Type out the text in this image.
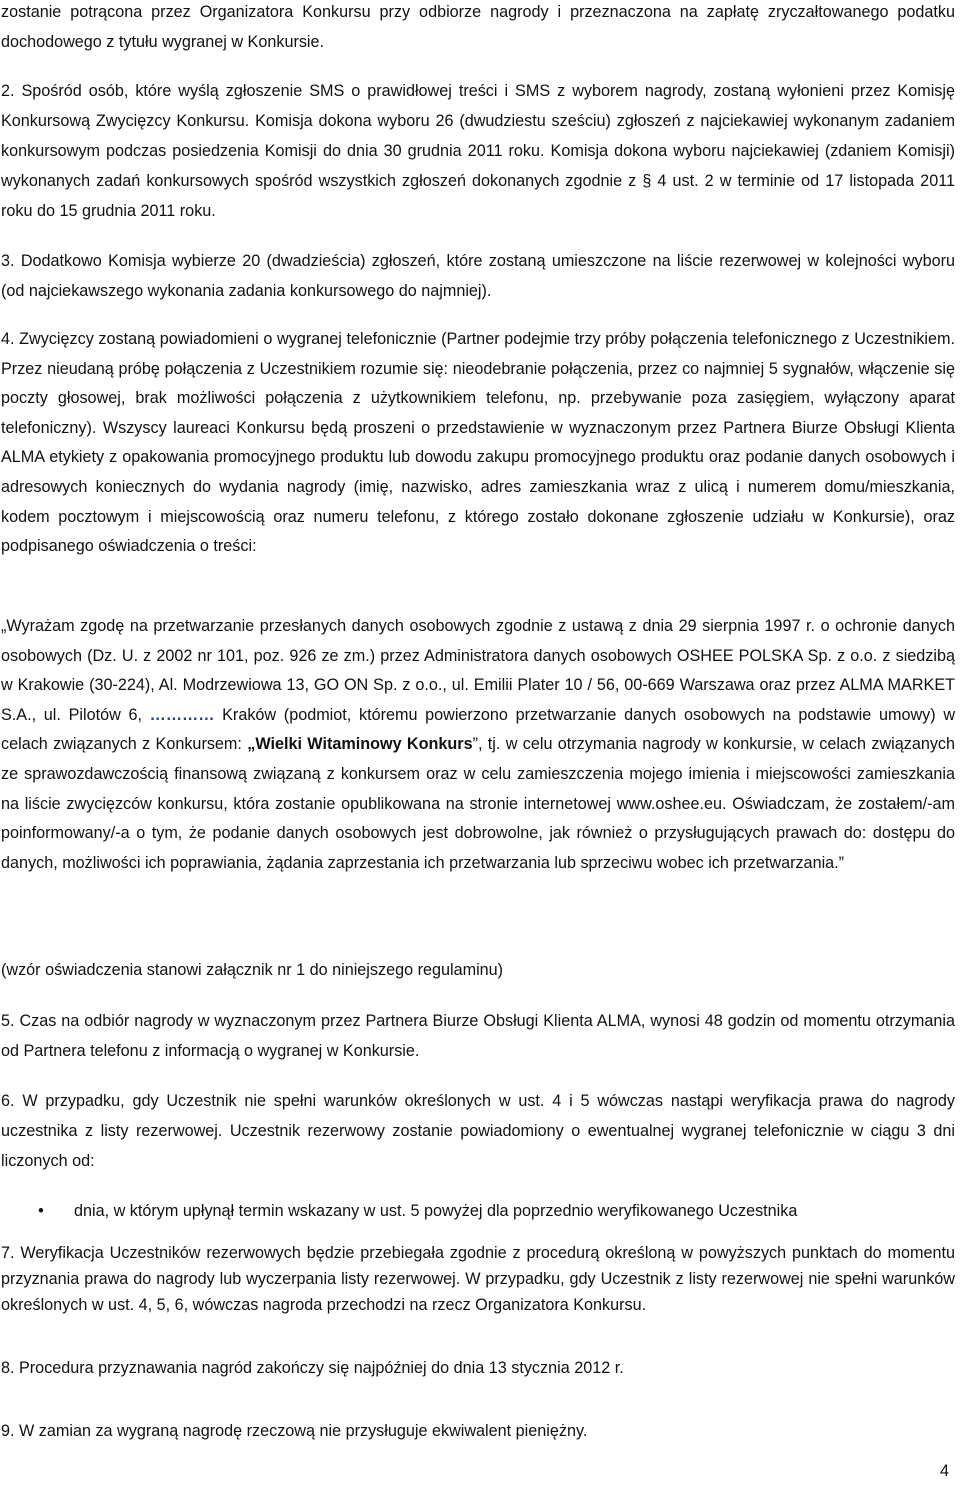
zostanie potrącona przez Organizatora Konkursu przy odbiorze nagrody i przeznaczona na zapłatę zryczałtowanego podatku dochodowego z tytułu wygranej w Konkursie.

2. Spośród osób, które wyślą zgłoszenie SMS o prawidłowej treści i SMS z wyborem nagrody, zostaną wyłonieni przez Komisję Konkursową Zwycięzcy Konkursu. Komisja dokona wyboru 26 (dwudziestu sześciu) zgłoszeń z najciekawiej wykonanym zadaniem konkursowym podczas posiedzenia Komisji do dnia 30 grudnia 2011 roku. Komisja dokona wyboru najciekawiej (zdaniem Komisji) wykonanych zadań konkursowych spośród wszystkich zgłoszeń dokonanych zgodnie z § 4 ust. 2 w terminie od 17 listopada 2011 roku do 15 grudnia 2011 roku.

3. Dodatkowo Komisja wybierze 20 (dwadzieścia) zgłoszeń, które zostaną umieszczone na liście rezerwowej w kolejności wyboru (od najciekawszego wykonania zadania konkursowego do najmniej).

4. Zwycięzcy zostaną powiadomieni o wygranej telefonicznie (Partner podejmie trzy próby połączenia telefonicznego z Uczestnikiem. Przez nieudaną próbę połączenia z Uczestnikiem rozumie się: nieodebranie połączenia, przez co najmniej 5 sygnałów, włączenie się poczty głosowej, brak możliwości połączenia z użytkownikiem telefonu, np. przebywanie poza zasięgiem, wyłączony aparat telefoniczny). Wszyscy laureaci Konkursu będą proszeni o przedstawienie w wyznaczonym przez Partnera Biurze Obsługi Klienta ALMA etykiety z opakowania promocyjnego produktu lub dowodu zakupu promocyjnego produktu oraz podanie danych osobowych i adresowych koniecznych do wydania nagrody (imię, nazwisko, adres zamieszkania wraz z ulicą i numerem domu/mieszkania, kodem pocztowym i miejscowością oraz numeru telefonu, z którego zostało dokonane zgłoszenie udziału w Konkursie), oraz podpisanego oświadczenia o treści:

„Wyrażam zgodę na przetwarzanie przesłanych danych osobowych zgodnie z ustawą z dnia 29 sierpnia 1997 r. o ochronie danych osobowych (Dz. U. z 2002 nr 101, poz. 926 ze zm.) przez Administratora danych osobowych OSHEE POLSKA Sp. z o.o. z siedzibą w Krakowie (30-224), Al. Modrzewiowa 13, GO ON Sp. z o.o., ul. Emilii Plater 10 / 56, 00-669 Warszawa oraz przez ALMA MARKET S.A., ul. Pilotów 6, ………… Kraków (podmiot, któremu powierzono przetwarzanie danych osobowych na podstawie umowy) w celach związanych z Konkursem: „Wielki Witaminowy Konkurs”, tj. w celu otrzymania nagrody w konkursie, w celach związanych ze sprawozdawczością finansową związaną z konkursem oraz w celu zamieszczenia mojego imienia i miejscowości zamieszkania na liście zwycięzców konkursu, która zostanie opublikowana na stronie internetowej www.oshee.eu. Oświadczam, że zostałem/-am poinformowany/-a o tym, że podanie danych osobowych jest dobrowolne, jak również o przysługujących prawach do: dostępu do danych, możliwości ich poprawiania, żądania zaprzestania ich przetwarzania lub sprzeciwu wobec ich przetwarzania.”

(wzór oświadczenia stanowi załącznik nr 1 do niniejszego regulaminu)

5. Czas na odbiór nagrody w wyznaczonym przez Partnera Biurze Obsługi Klienta ALMA, wynosi 48 godzin od momentu otrzymania od Partnera telefonu z informacją o wygranej w Konkursie.

6. W przypadku, gdy Uczestnik nie spełni warunków określonych w ust. 4 i 5 wówczas nastąpi weryfikacja prawa do nagrody uczestnika z listy rezerwowej. Uczestnik rezerwowy zostanie powiadomiony o ewentualnej wygranej telefonicznie w ciągu 3 dni liczonych od:

• dnia, w którym upłynął termin wskazany w ust. 5 powyżej dla poprzednio weryfikowanego Uczestnika

7. Weryfikacja Uczestników rezerwowych będzie przebiegała zgodnie z procedurą określoną w powyższych punktach do momentu przyznania prawa do nagrody lub wyczerpania listy rezerwowej. W przypadku, gdy Uczestnik z listy rezerwowej nie spełni warunków określonych w ust. 4, 5, 6, wówczas nagroda przechodzi na rzecz Organizatora Konkursu.

8. Procedura przyznawania nagród zakończy się najpóźniej do dnia 13 stycznia 2012 r.

9. W zamian za wygraną nagrodę rzeczową nie przysługuje ekwiwalent pieniężny.

4
